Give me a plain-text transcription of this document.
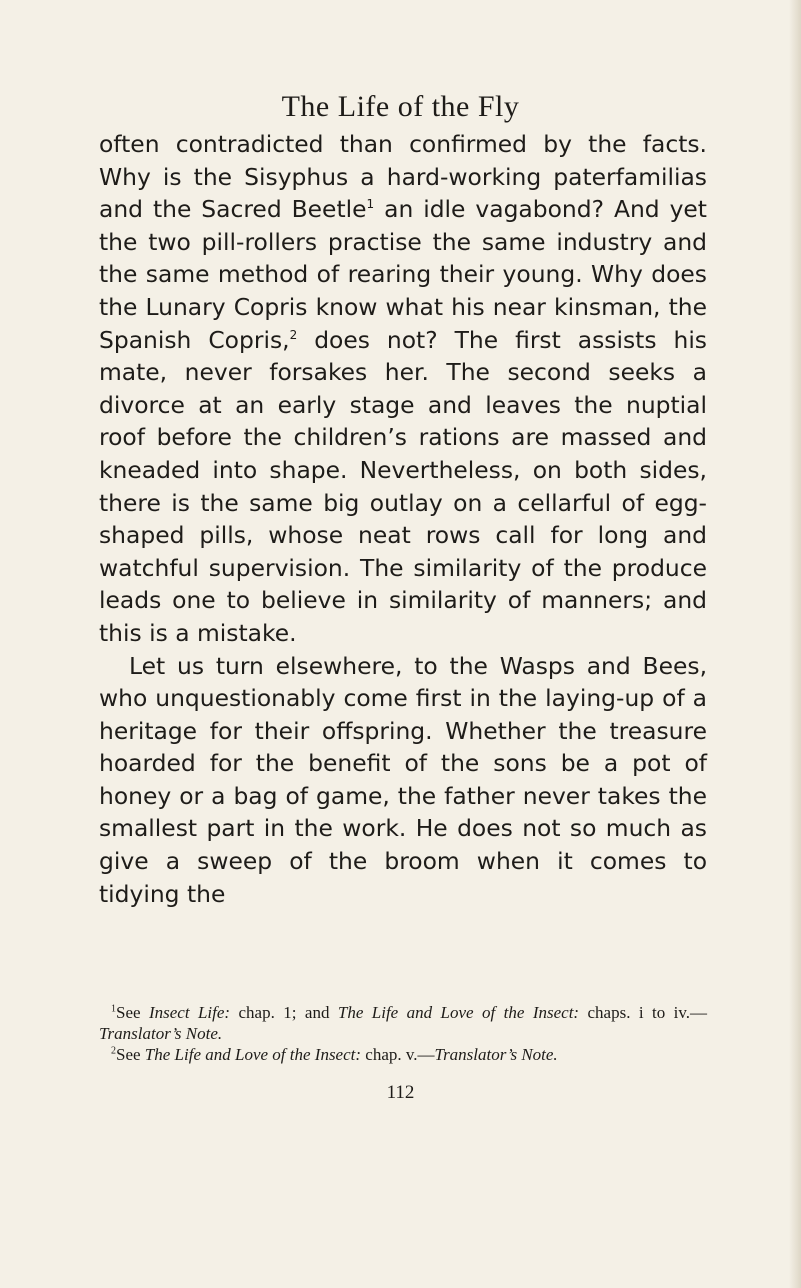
The Life of the Fly

often contradicted than confirmed by the facts. Why is the Sisyphus a hard-working paterfamilias and the Sacred Beetle$^1$ an idle vagabond? And yet the two pill-rollers practise the same industry and the same method of rearing their young. Why does the Lunary Copris know what his near kinsman, the Spanish Copris,$^2$ does not? The first assists his mate, never forsakes her. The second seeks a divorce at an early stage and leaves the nuptial roof before the children’s rations are massed and kneaded into shape. Nevertheless, on both sides, there is the same big outlay on a cellarful of egg-shaped pills, whose neat rows call for long and watchful supervision. The similarity of the produce leads one to believe in similarity of manners; and this is a mistake.

Let us turn elsewhere, to the Wasps and Bees, who unquestionably come first in the laying-up of a heritage for their offspring. Whether the treasure hoarded for the benefit of the sons be a pot of honey or a bag of game, the father never takes the smallest part in the work. He does not so much as give a sweep of the broom when it comes to tidying the

$^1$See Insect Life: chap. 1; and The Life and Love of the Insect: chaps. i to iv.—Translator’s Note.

$^2$See The Life and Love of the Insect: chap. v.—Translator’s Note.

112
